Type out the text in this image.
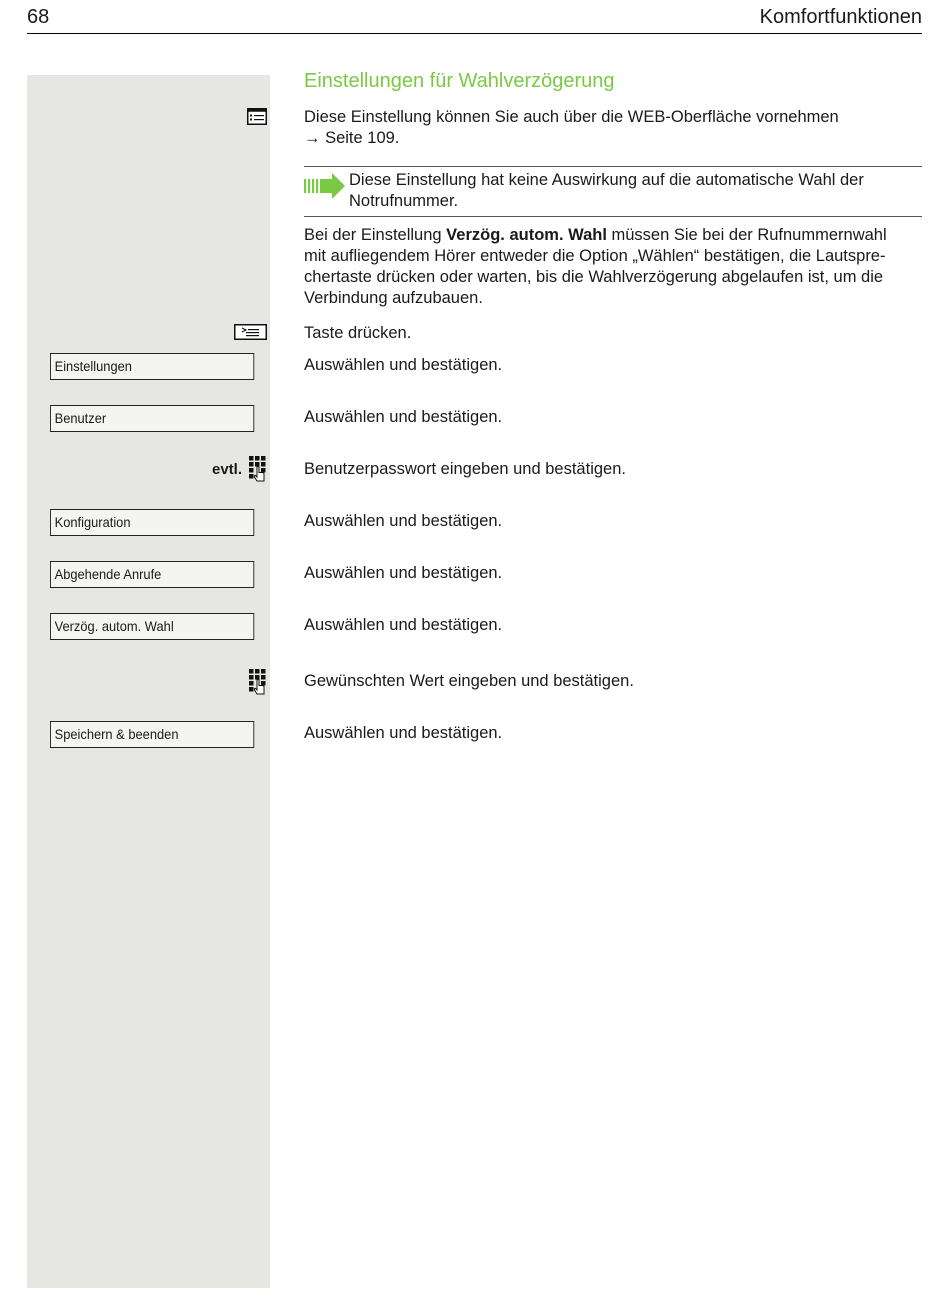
68	Komfortfunktionen
Einstellungen
Benutzer
evtl.
Konfiguration
Abgehende Anrufe
Verzög. autom. Wahl
Speichern & beenden
Einstellungen für Wahlverzögerung
Diese Einstellung können Sie auch über die WEB-Oberfläche vornehmen
→ Seite 109.
Diese Einstellung hat keine Auswirkung auf die automatische Wahl der
Notrufnummer.
Bei der Einstellung Verzög. autom. Wahl müssen Sie bei der Rufnummernwahl
mit aufliegendem Hörer entweder die Option „Wählen“ bestätigen, die Lautspre-
chertaste drücken oder warten, bis die Wahlverzögerung abgelaufen ist, um die
Verbindung aufzubauen.
Taste drücken.
Auswählen und bestätigen.
Auswählen und bestätigen.
Benutzerpasswort eingeben und bestätigen.
Auswählen und bestätigen.
Auswählen und bestätigen.
Auswählen und bestätigen.
Gewünschten Wert eingeben und bestätigen.
Auswählen und bestätigen.
